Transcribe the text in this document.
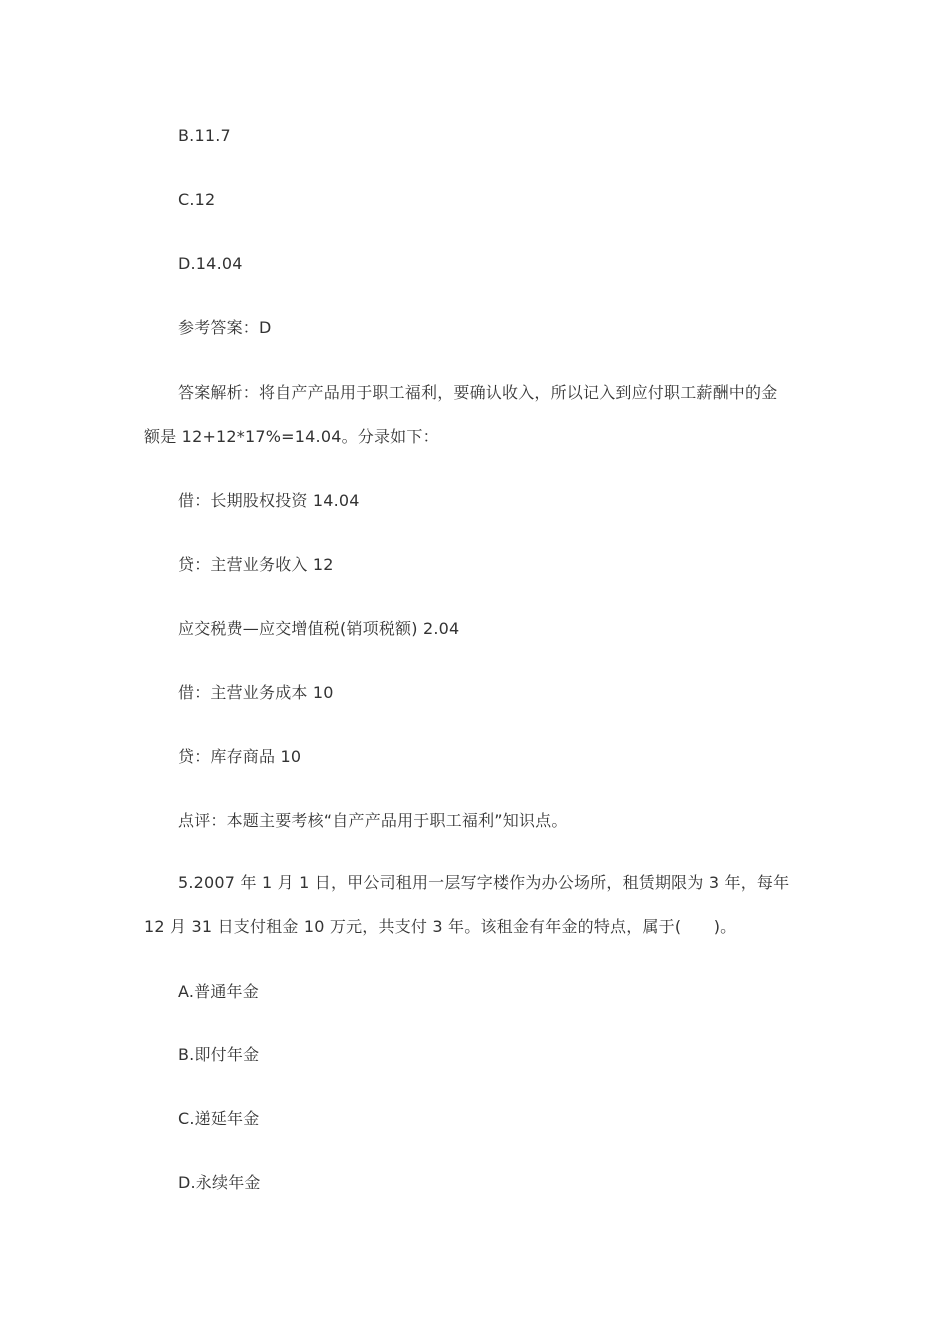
B.11.7
C.12
D.14.04
参考答案：D
答案解析：将自产产品用于职工福利，要确认收入，所以记入到应付职工薪酬中的金
额是 12+12*17%=14.04。分录如下：
借：长期股权投资 14.04
贷：主营业务收入 12
应交税费—应交增值税(销项税额) 2.04
借：主营业务成本 10
贷：库存商品 10
点评：本题主要考核“自产产品用于职工福利”知识点。
5.2007 年 1 月 1 日，甲公司租用一层写字楼作为办公场所，租赁期限为 3 年，每年
12 月 31 日支付租金 10 万元，共支付 3 年。该租金有年金的特点，属于(　　)。
A.普通年金
B.即付年金
C.递延年金
D.永续年金
